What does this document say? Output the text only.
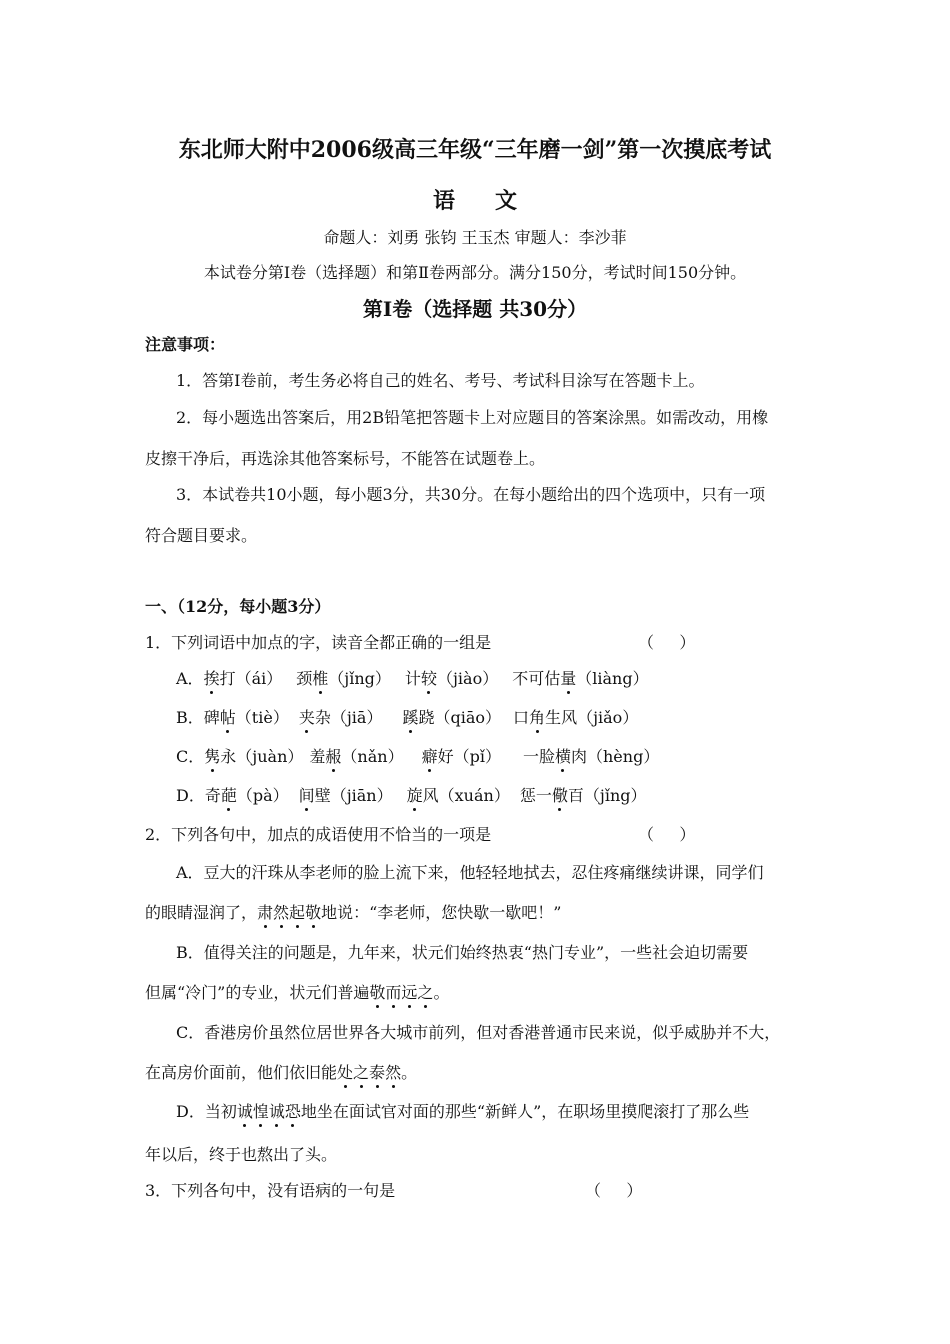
东北师大附中2006级高三年级“三年磨一剑”第一次摸底考试
语文
命题人：刘勇 张钧 王玉杰 审题人：李沙菲
本试卷分第Ⅰ卷（选择题）和第Ⅱ卷两部分。满分150分，考试时间150分钟。
第Ⅰ卷（选择题 共30分）
注意事项：
1．答第Ⅰ卷前，考生务必将自己的姓名、考号、考试科目涂写在答题卡上。
2．每小题选出答案后，用2B铅笔把答题卡上对应题目的答案涂黑。如需改动，用橡
皮擦干净后，再选涂其他答案标号，不能答在试题卷上。
3．本试卷共10小题，每小题3分，共30分。在每小题给出的四个选项中，只有一项
符合题目要求。
一、（12分，每小题3分）
1．下列词语中加点的字，读音全都正确的一组是	（     ）
A．挨打（ái） 颈椎（jǐng） 计较（jiào） 不可估量（liàng）
B．碑帖（tiè） 夹杂（jiā） 蹊跷（qiāo） 口角生风（jiǎo）
C．隽永（juàn） 羞赧（nǎn） 癖好（pǐ） 一脸横肉（hèng）
D．奇葩（pà） 间壁（jiān） 旋风（xuán） 惩一儆百（jǐng）
2．下列各句中，加点的成语使用不恰当的一项是	（     ）
A．豆大的汗珠从李老师的脸上流下来，他轻轻地拭去，忍住疼痛继续讲课，同学们
的眼睛湿润了，肃然起敬地说：“李老师，您快歇一歇吧！”
B．值得关注的问题是，九年来，状元们始终热衷“热门专业”，一些社会迫切需要
但属“冷门”的专业，状元们普遍敬而远之。
C．香港房价虽然位居世界各大城市前列，但对香港普通市民来说，似乎威胁并不大，
在高房价面前，他们依旧能处之泰然。
D．当初诚惶诚恐地坐在面试官对面的那些“新鲜人”，在职场里摸爬滚打了那么些
年以后，终于也熬出了头。
3．下列各句中，没有语病的一句是	（     ）
